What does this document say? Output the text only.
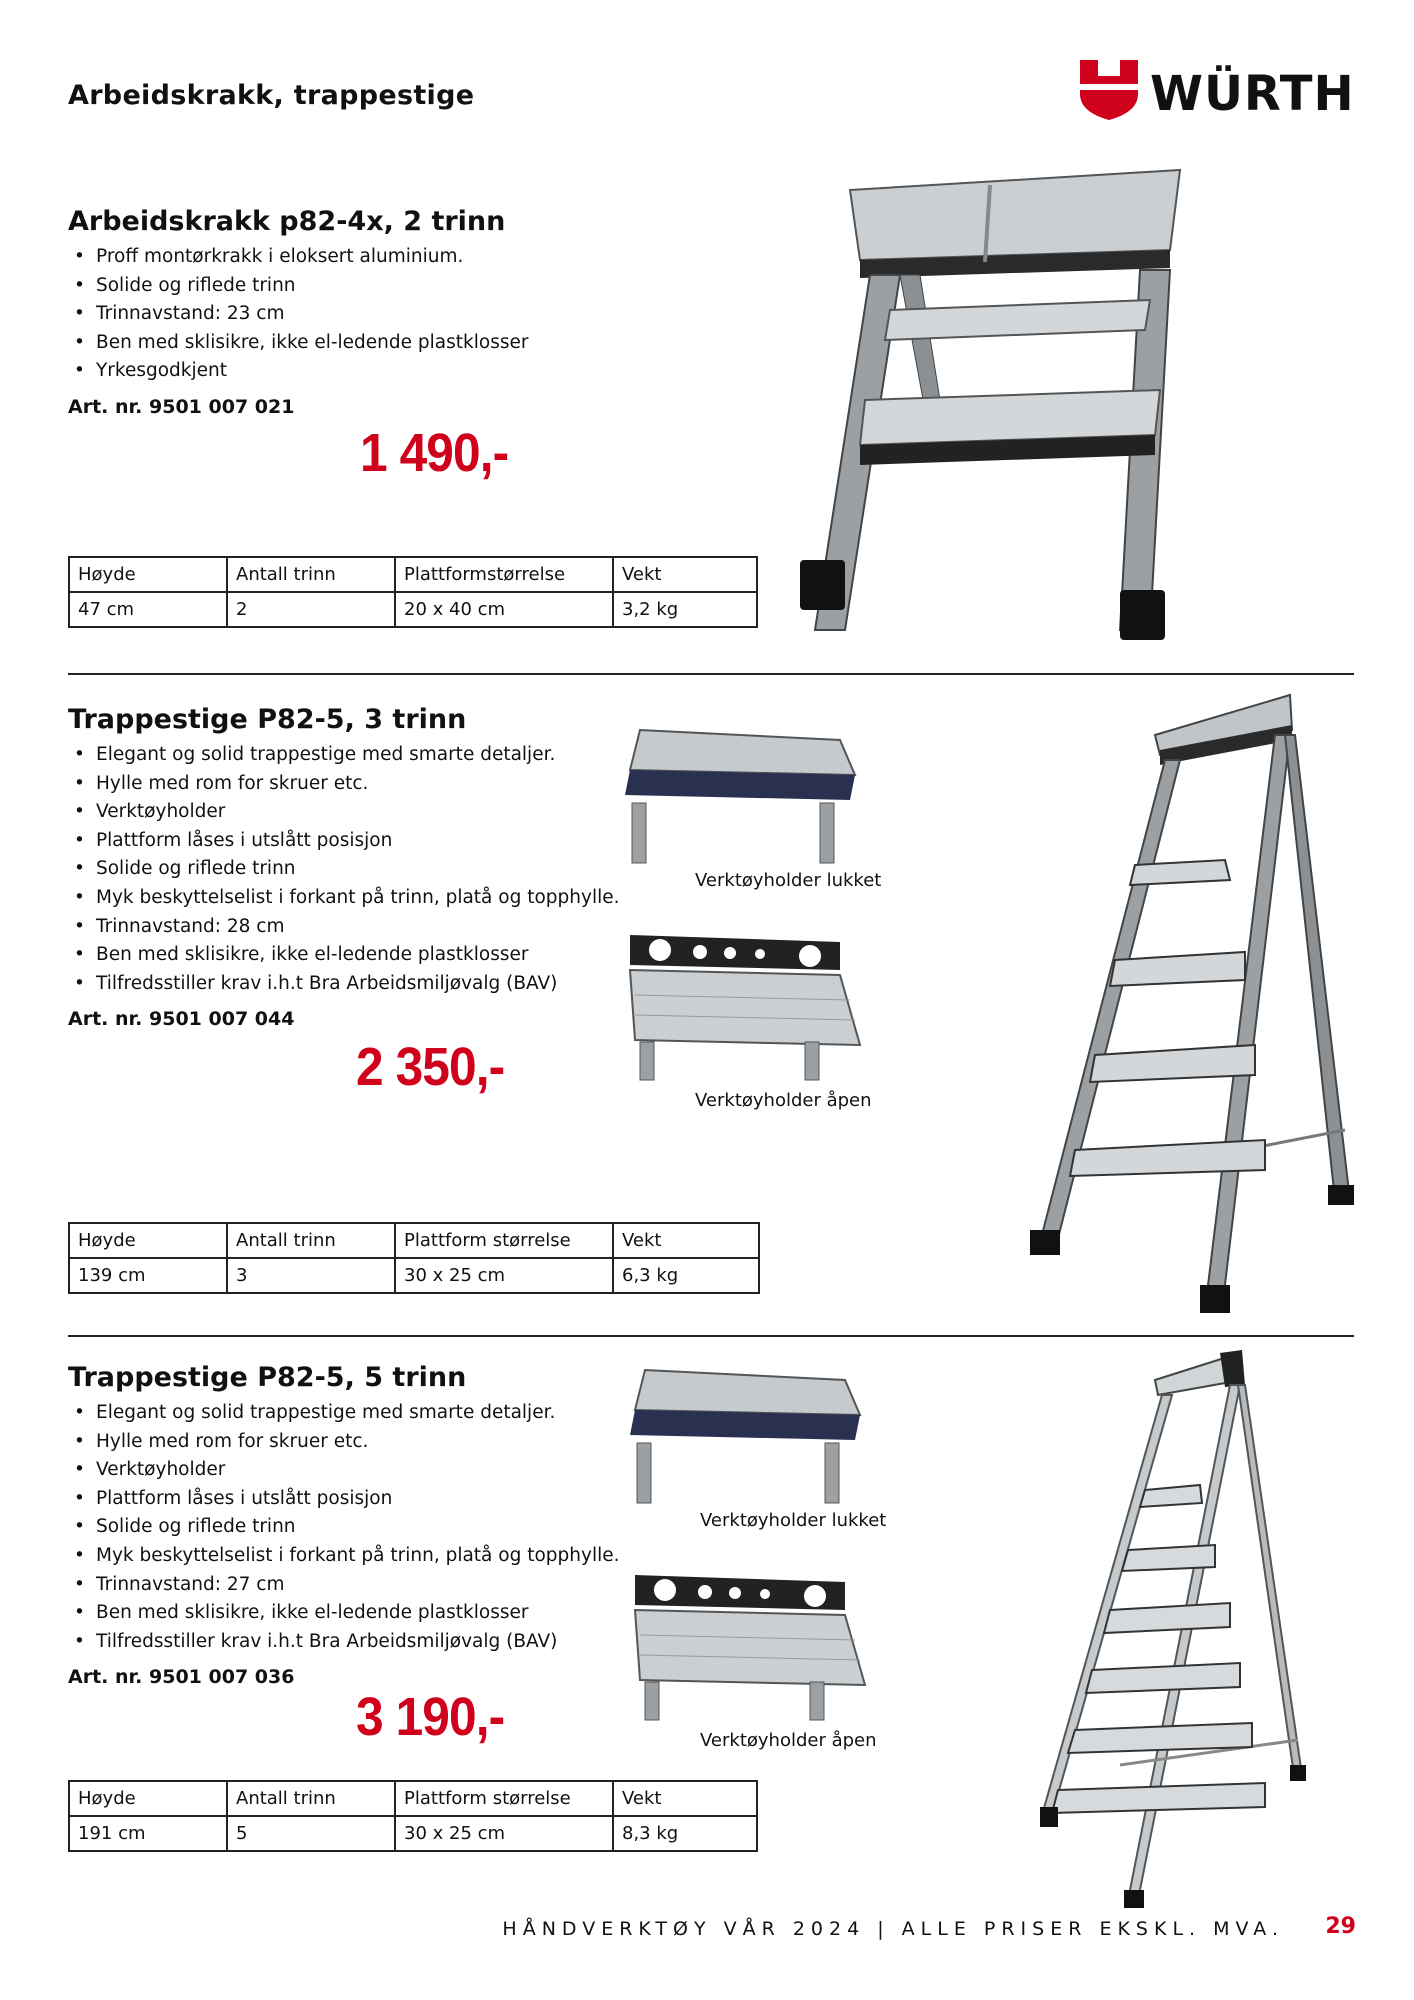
Arbeidskrakk, trappestige	WÜRTH
Arbeidskrakk p82-4x, 2 trinn
• Proff montørkrakk i eloksert aluminium.
• Solide og riflede trinn
• Trinnavstand: 23 cm
• Ben med sklisikre, ikke el-ledende plastklosser
• Yrkesgodkjent
Art. nr. 9501 007 021
1 490,-
Høyde	Antall trinn	Plattformstørrelse	Vekt
47 cm	2	20 x 40 cm	3,2 kg
Trappestige P82-5, 3 trinn
• Elegant og solid trappestige med smarte detaljer.
• Hylle med rom for skruer etc.
• Verktøyholder
• Plattform låses i utslått posisjon
• Solide og riflede trinn
• Myk beskyttelselist i forkant på trinn, platå og topphylle.
• Trinnavstand: 28 cm
• Ben med sklisikre, ikke el-ledende plastklosser
• Tilfredsstiller krav i.h.t Bra Arbeidsmiljøvalg (BAV)
Art. nr. 9501 007 044
2 350,-
Verktøyholder lukket
Verktøyholder åpen
Høyde	Antall trinn	Plattform størrelse	Vekt
139 cm	3	30 x 25 cm	6,3 kg
Trappestige P82-5, 5 trinn
• Elegant og solid trappestige med smarte detaljer.
• Hylle med rom for skruer etc.
• Verktøyholder
• Plattform låses i utslått posisjon
• Solide og riflede trinn
• Myk beskyttelselist i forkant på trinn, platå og topphylle.
• Trinnavstand: 27 cm
• Ben med sklisikre, ikke el-ledende plastklosser
• Tilfredsstiller krav i.h.t Bra Arbeidsmiljøvalg (BAV)
Art. nr. 9501 007 036
3 190,-
Verktøyholder lukket
Verktøyholder åpen
Høyde	Antall trinn	Plattform størrelse	Vekt
191 cm	5	30 x 25 cm	8,3 kg
HÅNDVERKTØY VÅR 2024 | ALLE PRISER EKSKL. MVA. 29
